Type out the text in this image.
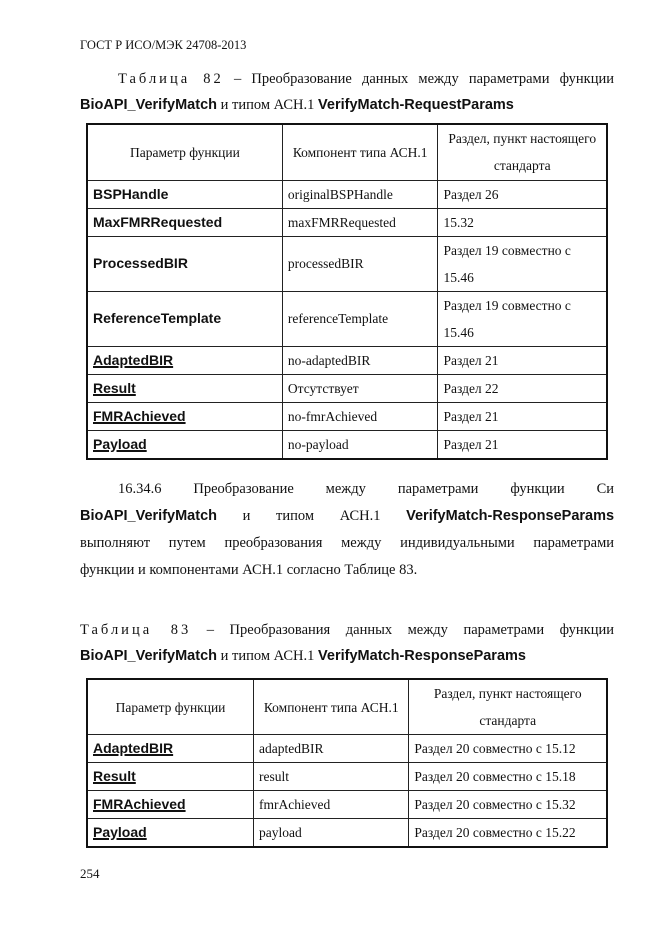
ГОСТ Р ИСО/МЭК 24708-2013
Таблица 82 – Преобразование данных между параметрами функции
BioAPI_VerifyMatch и типом АСН.1 VerifyMatch-RequestParams
Параметр функции	Компонент типа АСН.1	Раздел, пункт настоящего стандарта
BSPHandle	originalBSPHandle	Раздел 26
MaxFMRRequested	maxFMRRequested	15.32
ProcessedBIR	processedBIR	Раздел 19 совместно с 15.46
ReferenceTemplate	referenceTemplate	Раздел 19 совместно с 15.46
AdaptedBIR	no-adaptedBIR	Раздел 21
Result	Отсутствует	Раздел 22
FMRAchieved	no-fmrAchieved	Раздел 21
Payload	no-payload	Раздел 21
16.34.6 Преобразование между параметрами функции Си
BioAPI_VerifyMatch и типом АСН.1 VerifyMatch-ResponseParams
выполняют путем преобразования между индивидуальными параметрами
функции и компонентами АСН.1 согласно Таблице 83.
Таблица 83 – Преобразования данных между параметрами функции
BioAPI_VerifyMatch и типом АСН.1 VerifyMatch-ResponseParams
Параметр функции	Компонент типа АСН.1	Раздел, пункт настоящего стандарта
AdaptedBIR	adaptedBIR	Раздел 20 совместно с 15.12
Result	result	Раздел 20 совместно с 15.18
FMRAchieved	fmrAchieved	Раздел 20 совместно с 15.32
Payload	payload	Раздел 20 совместно с 15.22
254
